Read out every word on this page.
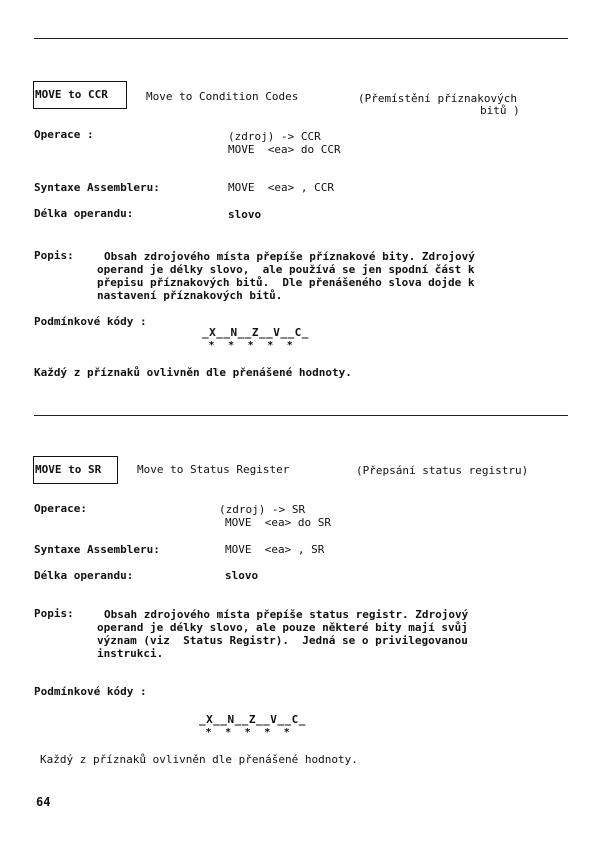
MOVE to CCR	Move to Condition Codes	(Přemístění příznakových
bitů )
Operace :	(zdroj) -> CCR
MOVE  <ea> do CCR
Syntaxe Assembleru:	MOVE  <ea> , CCR
Délka operandu:	slovo
Popis:	Obsah zdrojového místa přepíše příznakové bity. Zdrojový
operand je délky slovo,  ale používá se jen spodní část k
přepisu příznakových bitů.  Dle přenášeného slova dojde k
nastavení příznakových bitů.
Podmínkové kódy :
_X__N__Z__V__C_
*  *  *  *  *
Každý z příznaků ovlivněn dle přenášené hodnoty.
MOVE to SR	Move to Status Register	(Přepsání status registru)
Operace:	(zdroj) -> SR
MOVE  <ea> do SR
Syntaxe Assembleru:	MOVE  <ea> , SR
Délka operandu:	slovo
Popis:	Obsah zdrojového místa přepíše status registr. Zdrojový
operand je délky slovo, ale pouze některé bity mají svůj
význam (viz  Status Registr).  Jedná se o privilegovanou
instrukci.
Podmínkové kódy :
_X__N__Z__V__C_
*  *  *  *  *
Každý z příznaků ovlivněn dle přenášené hodnoty.
64
